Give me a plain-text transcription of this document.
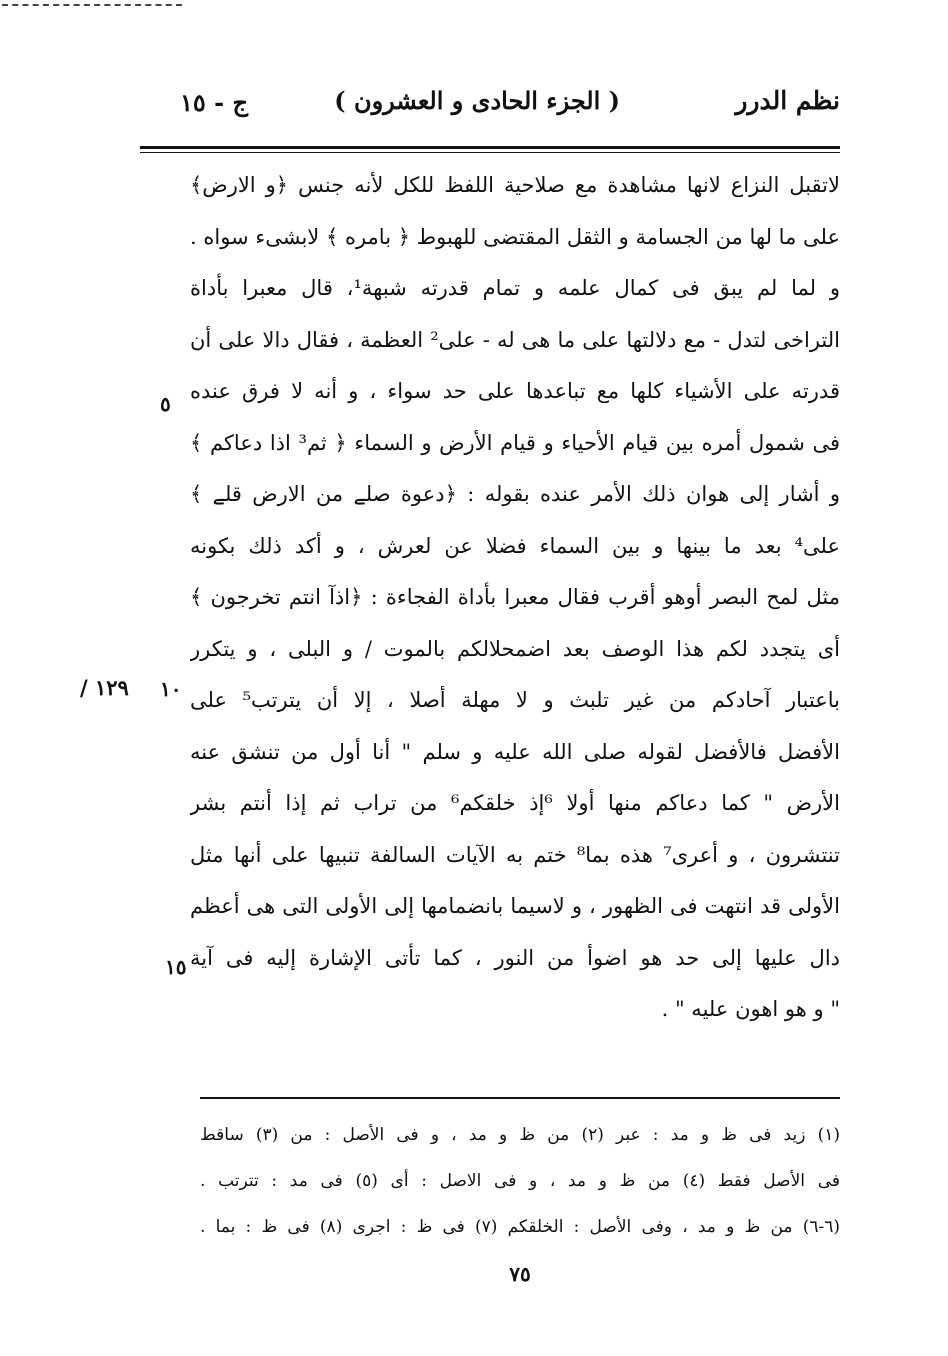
نظم الدرر
( الجزء الحادى و العشرون )
ج - ١٥
لاتقبل النزاع لانها مشاهدة مع صلاحية اللفظ للكل لأنه جنس ﴿و الارض﴾
على ما لها من الجسامة و الثقل المقتضى للهبوط ﴿ بامره ﴾ لابشىء سواه .
و لما لم يبق فى كمال علمه و تمام قدرته شبهة¹، قال معبرا بأداة
التراخى لتدل - مع دلالتها على ما هى له - على² العظمة ، فقال دالا على أن
قدرته على الأشياء كلها مع تباعدها على حد سواء ، و أنه لا فرق عنده
فى شمول أمره بين قيام الأحياء و قيام الأرض و السماء ﴿ ثم³ اذا دعاكم ﴾
و أشار إلى هوان ذلك الأمر عنده بقوله : ﴿دعوة صلے من الارض قلے ﴾
على⁴ بعد ما بينها و بين السماء فضلا عن لعرش ، و أكد ذلك بكونه
مثل لمح البصر أوهو أقرب فقال معبرا بأداة الفجاءة : ﴿اذآ انتم تخرجون ﴾
أى يتجدد لكم هذا الوصف بعد اضمحلالكم بالموت / و البلى ، و يتكرر
باعتبار آحادكم من غير تلبث و لا مهلة أصلا ، إلا أن يترتب⁵ على
الأفضل فالأفضل لقوله صلى الله عليه و سلم " أنا أول من تنشق عنه
الأرض " كما دعاكم منها أولا ⁶إذ خلقكم⁶ من تراب ثم إذا أنتم بشر
تنتشرون ، و أعرى⁷ هذه بما⁸ ختم به الآيات السالفة تنبيها على أنها مثل
الأولى قد انتهت فى الظهور ، و لاسيما بانضمامها إلى الأولى التى هى أعظم
دال عليها إلى حد هو اضوأ من النور ، كما تأتى الإشارة إليه فى آية
" و هو اهون عليه " .
٥
١٠
١٥
١٢٩ /
(١) زيد فى ظ و مد : عبر (٢) من ظ و مد ، و فى الأصل : من (٣) ساقط
فى الأصل فقط (٤) من ظ و مد ، و فى الاصل : أى (٥) فى مد : تترتب .
(٦-٦) من ظ و مد ، وفى الأصل : الخلقكم (٧) فى ظ : اجرى (٨) فى ظ : بما .
٧٥
